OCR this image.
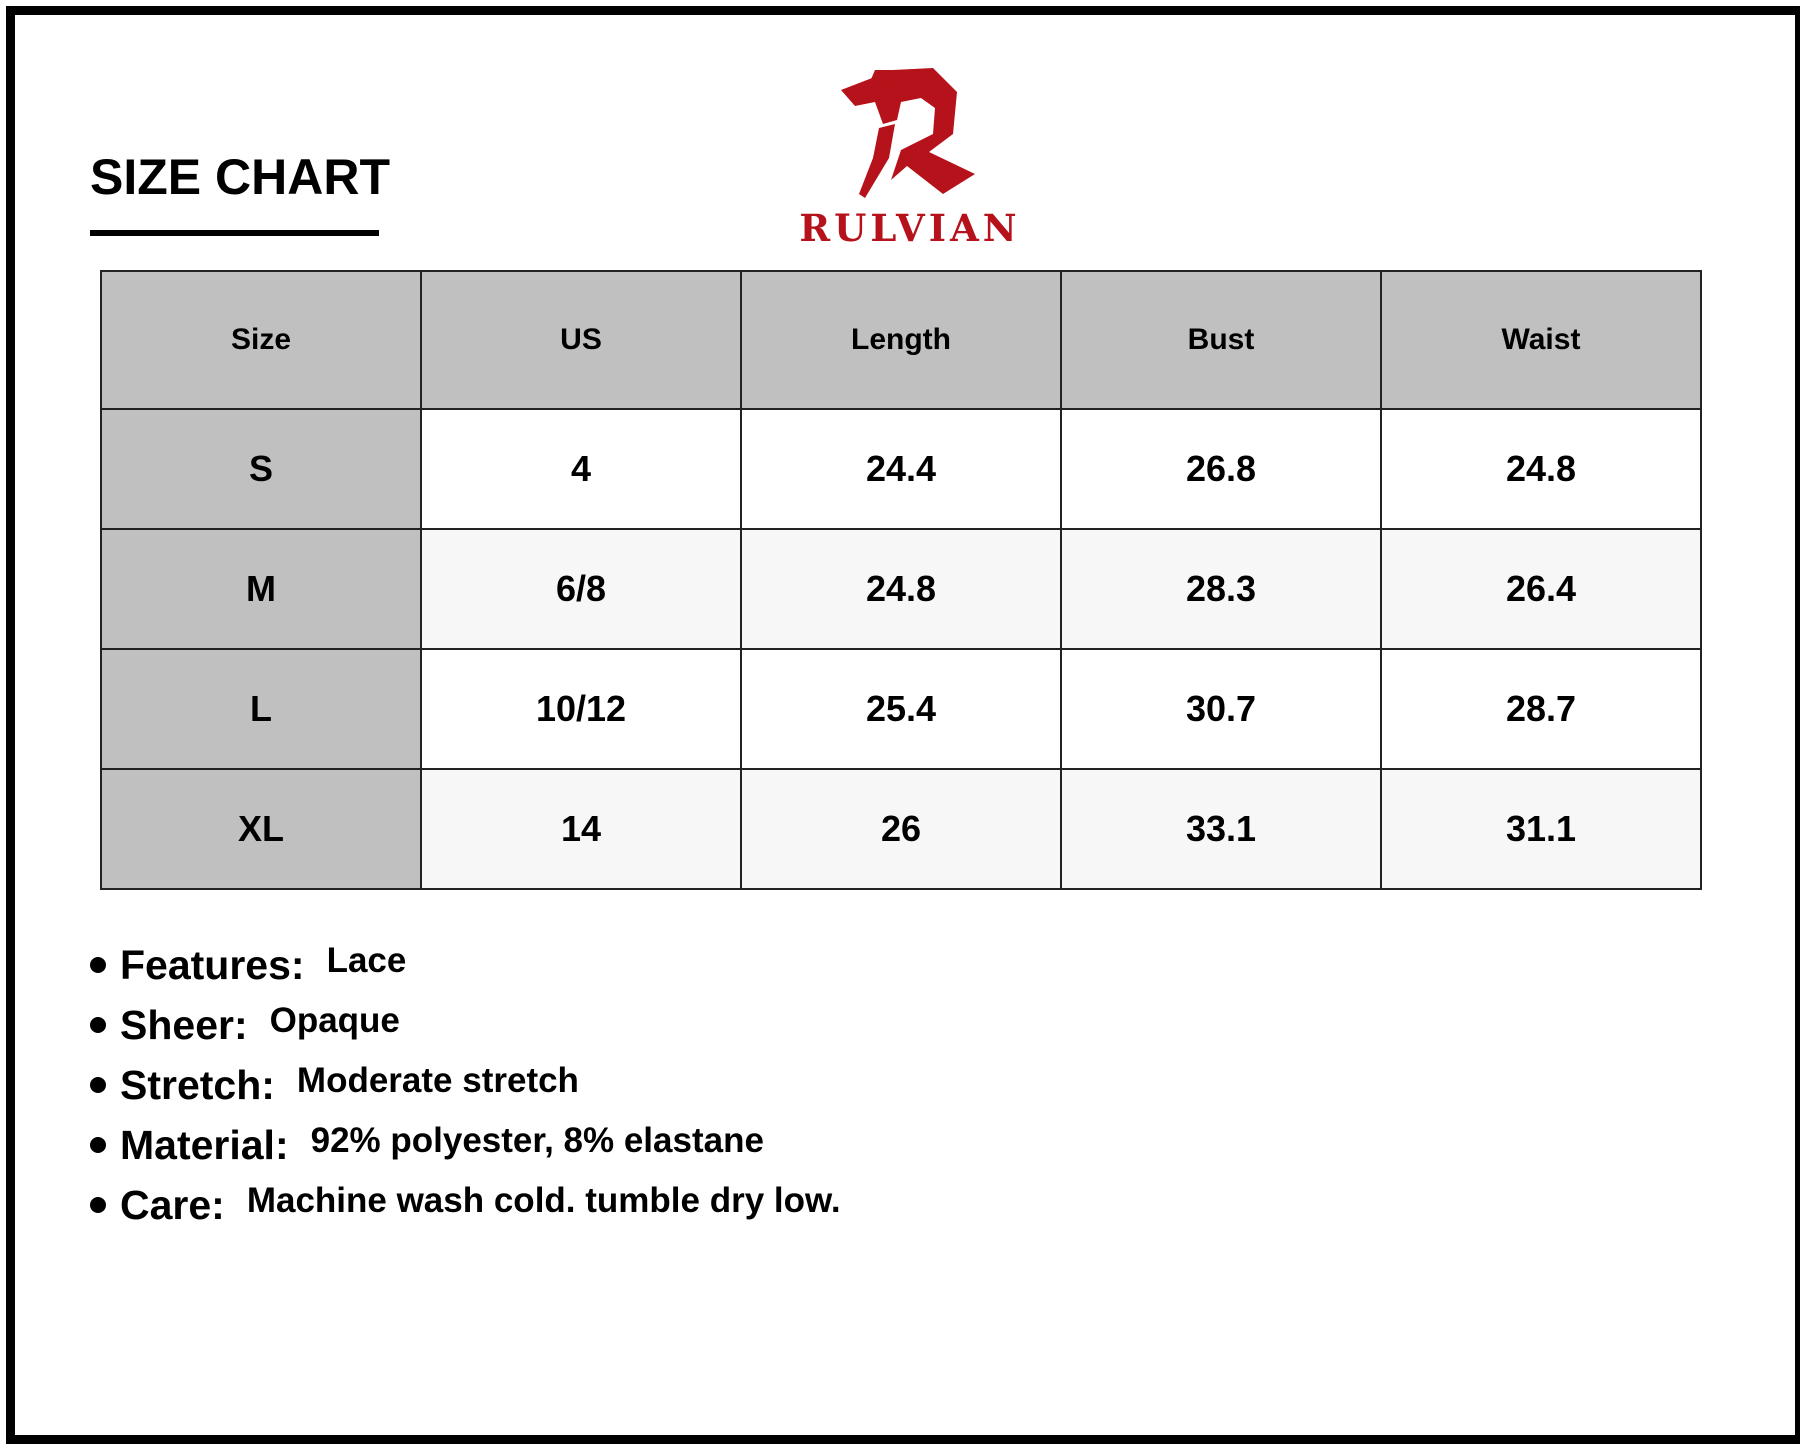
SIZE CHART
RULVIAN
Size	US	Length	Bust	Waist
S	4	24.4	26.8	24.8
M	6/8	24.8	28.3	26.4
L	10/12	25.4	30.7	28.7
XL	14	26	33.1	31.1
Features: Lace
Sheer: Opaque
Stretch: Moderate stretch
Material: 92% polyester, 8% elastane
Care: Machine wash cold. tumble dry low.
